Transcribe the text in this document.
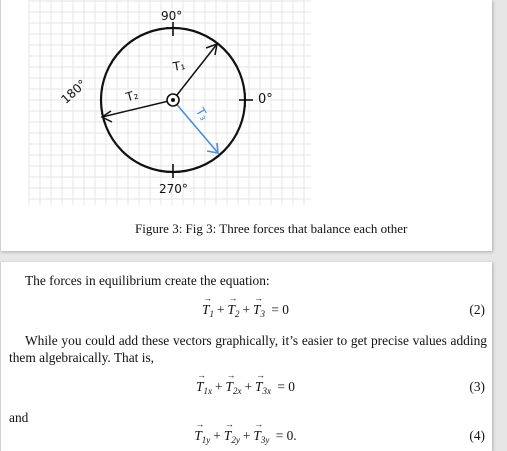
90°
180°	0°
270°
T₁
T₂
T₃
Figure 3: Fig 3: Three forces that balance each other
The forces in equilibrium create the equation:
→ $T_1 +\to T_2 +\to T_3 = 0$	(2)
While you could add these vectors graphically, it’s easier to get precise values adding them algebraically. That is,
→ $T_{1x} +\to T_{2x} +\to T_{3x} = 0$	(3)
and
→ $T_{1y} +\to T_{2y} +\to T_{3y} = 0$.	(4)
